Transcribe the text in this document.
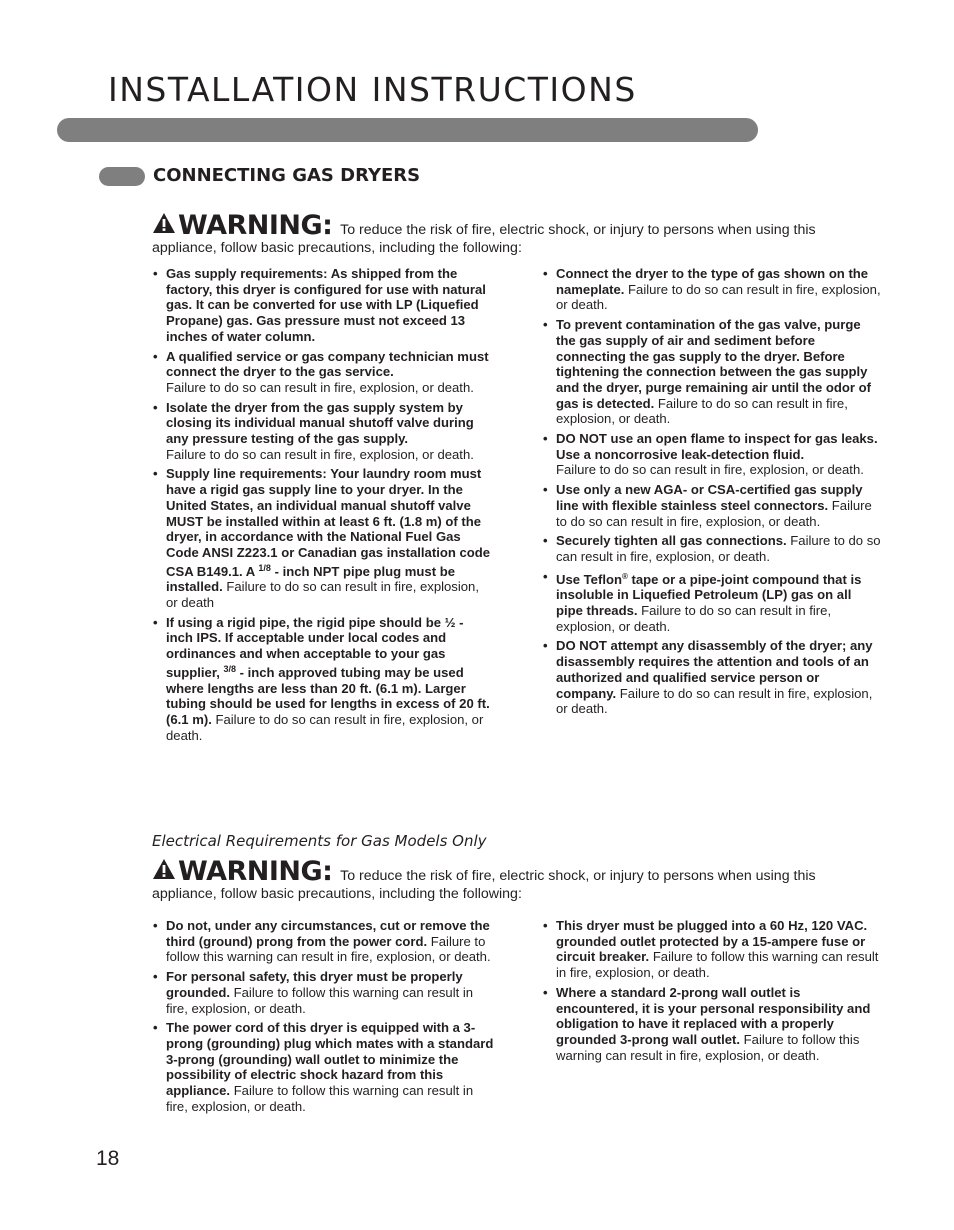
INSTALLATION INSTRUCTIONS
CONNECTING GAS DRYERS
WARNING: To reduce the risk of fire, electric shock, or injury to persons when using this appliance, follow basic precautions, including the following:
• Gas supply requirements: As shipped from the factory, this dryer is configured for use with natural gas. It can be converted for use with LP (Liquefied Propane) gas. Gas pressure must not exceed 13 inches of water column.
• A qualified service or gas company technician must connect the dryer to the gas service.
Failure to do so can result in fire, explosion, or death.
• Isolate the dryer from the gas supply system by closing its individual manual shutoff valve during any pressure testing of the gas supply.
Failure to do so can result in fire, explosion, or death.
• Supply line requirements: Your laundry room must have a rigid gas supply line to your dryer. In the United States, an individual manual shutoff valve MUST be installed within at least 6 ft. (1.8 m) of the dryer, in accordance with the National Fuel Gas Code ANSI Z223.1 or Canadian gas installation code CSA B149.1. A $^{1/8}$ - inch NPT pipe plug must be installed. Failure to do so can result in fire, explosion, or death
• If using a rigid pipe, the rigid pipe should be ½ - inch IPS. If acceptable under local codes and ordinances and when acceptable to your gas supplier, $^{3/8}$ - inch approved tubing may be used where lengths are less than 20 ft. (6.1 m). Larger tubing should be used for lengths in excess of 20 ft. (6.1 m). Failure to do so can result in fire, explosion, or death.
• Connect the dryer to the type of gas shown on the nameplate. Failure to do so can result in fire, explosion, or death.
• To prevent contamination of the gas valve, purge the gas supply of air and sediment before connecting the gas supply to the dryer. Before tightening the connection between the gas supply and the dryer, purge remaining air until the odor of gas is detected. Failure to do so can result in fire, explosion, or death.
• DO NOT use an open flame to inspect for gas leaks. Use a noncorrosive leak-detection fluid.
Failure to do so can result in fire, explosion, or death.
• Use only a new AGA- or CSA-certified gas supply line with flexible stainless steel connectors. Failure to do so can result in fire, explosion, or death.
• Securely tighten all gas connections. Failure to do so can result in fire, explosion, or death.
• Use Teflon® tape or a pipe-joint compound that is insoluble in Liquefied Petroleum (LP) gas on all pipe threads. Failure to do so can result in fire, explosion, or death.
• DO NOT attempt any disassembly of the dryer; any disassembly requires the attention and tools of an authorized and qualified service person or company. Failure to do so can result in fire, explosion, or death.
Electrical Requirements for Gas Models Only
WARNING: To reduce the risk of fire, electric shock, or injury to persons when using this appliance, follow basic precautions, including the following:
• Do not, under any circumstances, cut or remove the third (ground) prong from the power cord. Failure to follow this warning can result in fire, explosion, or death.
• For personal safety, this dryer must be properly grounded. Failure to follow this warning can result in fire, explosion, or death.
• The power cord of this dryer is equipped with a 3-prong (grounding) plug which mates with a standard 3-prong (grounding) wall outlet to minimize the possibility of electric shock hazard from this appliance. Failure to follow this warning can result in fire, explosion, or death.
• This dryer must be plugged into a 60 Hz, 120 VAC. grounded outlet protected by a 15-ampere fuse or circuit breaker. Failure to follow this warning can result in fire, explosion, or death.
• Where a standard 2-prong wall outlet is encountered, it is your personal responsibility and obligation to have it replaced with a properly grounded 3-prong wall outlet. Failure to follow this warning can result in fire, explosion, or death.
18
